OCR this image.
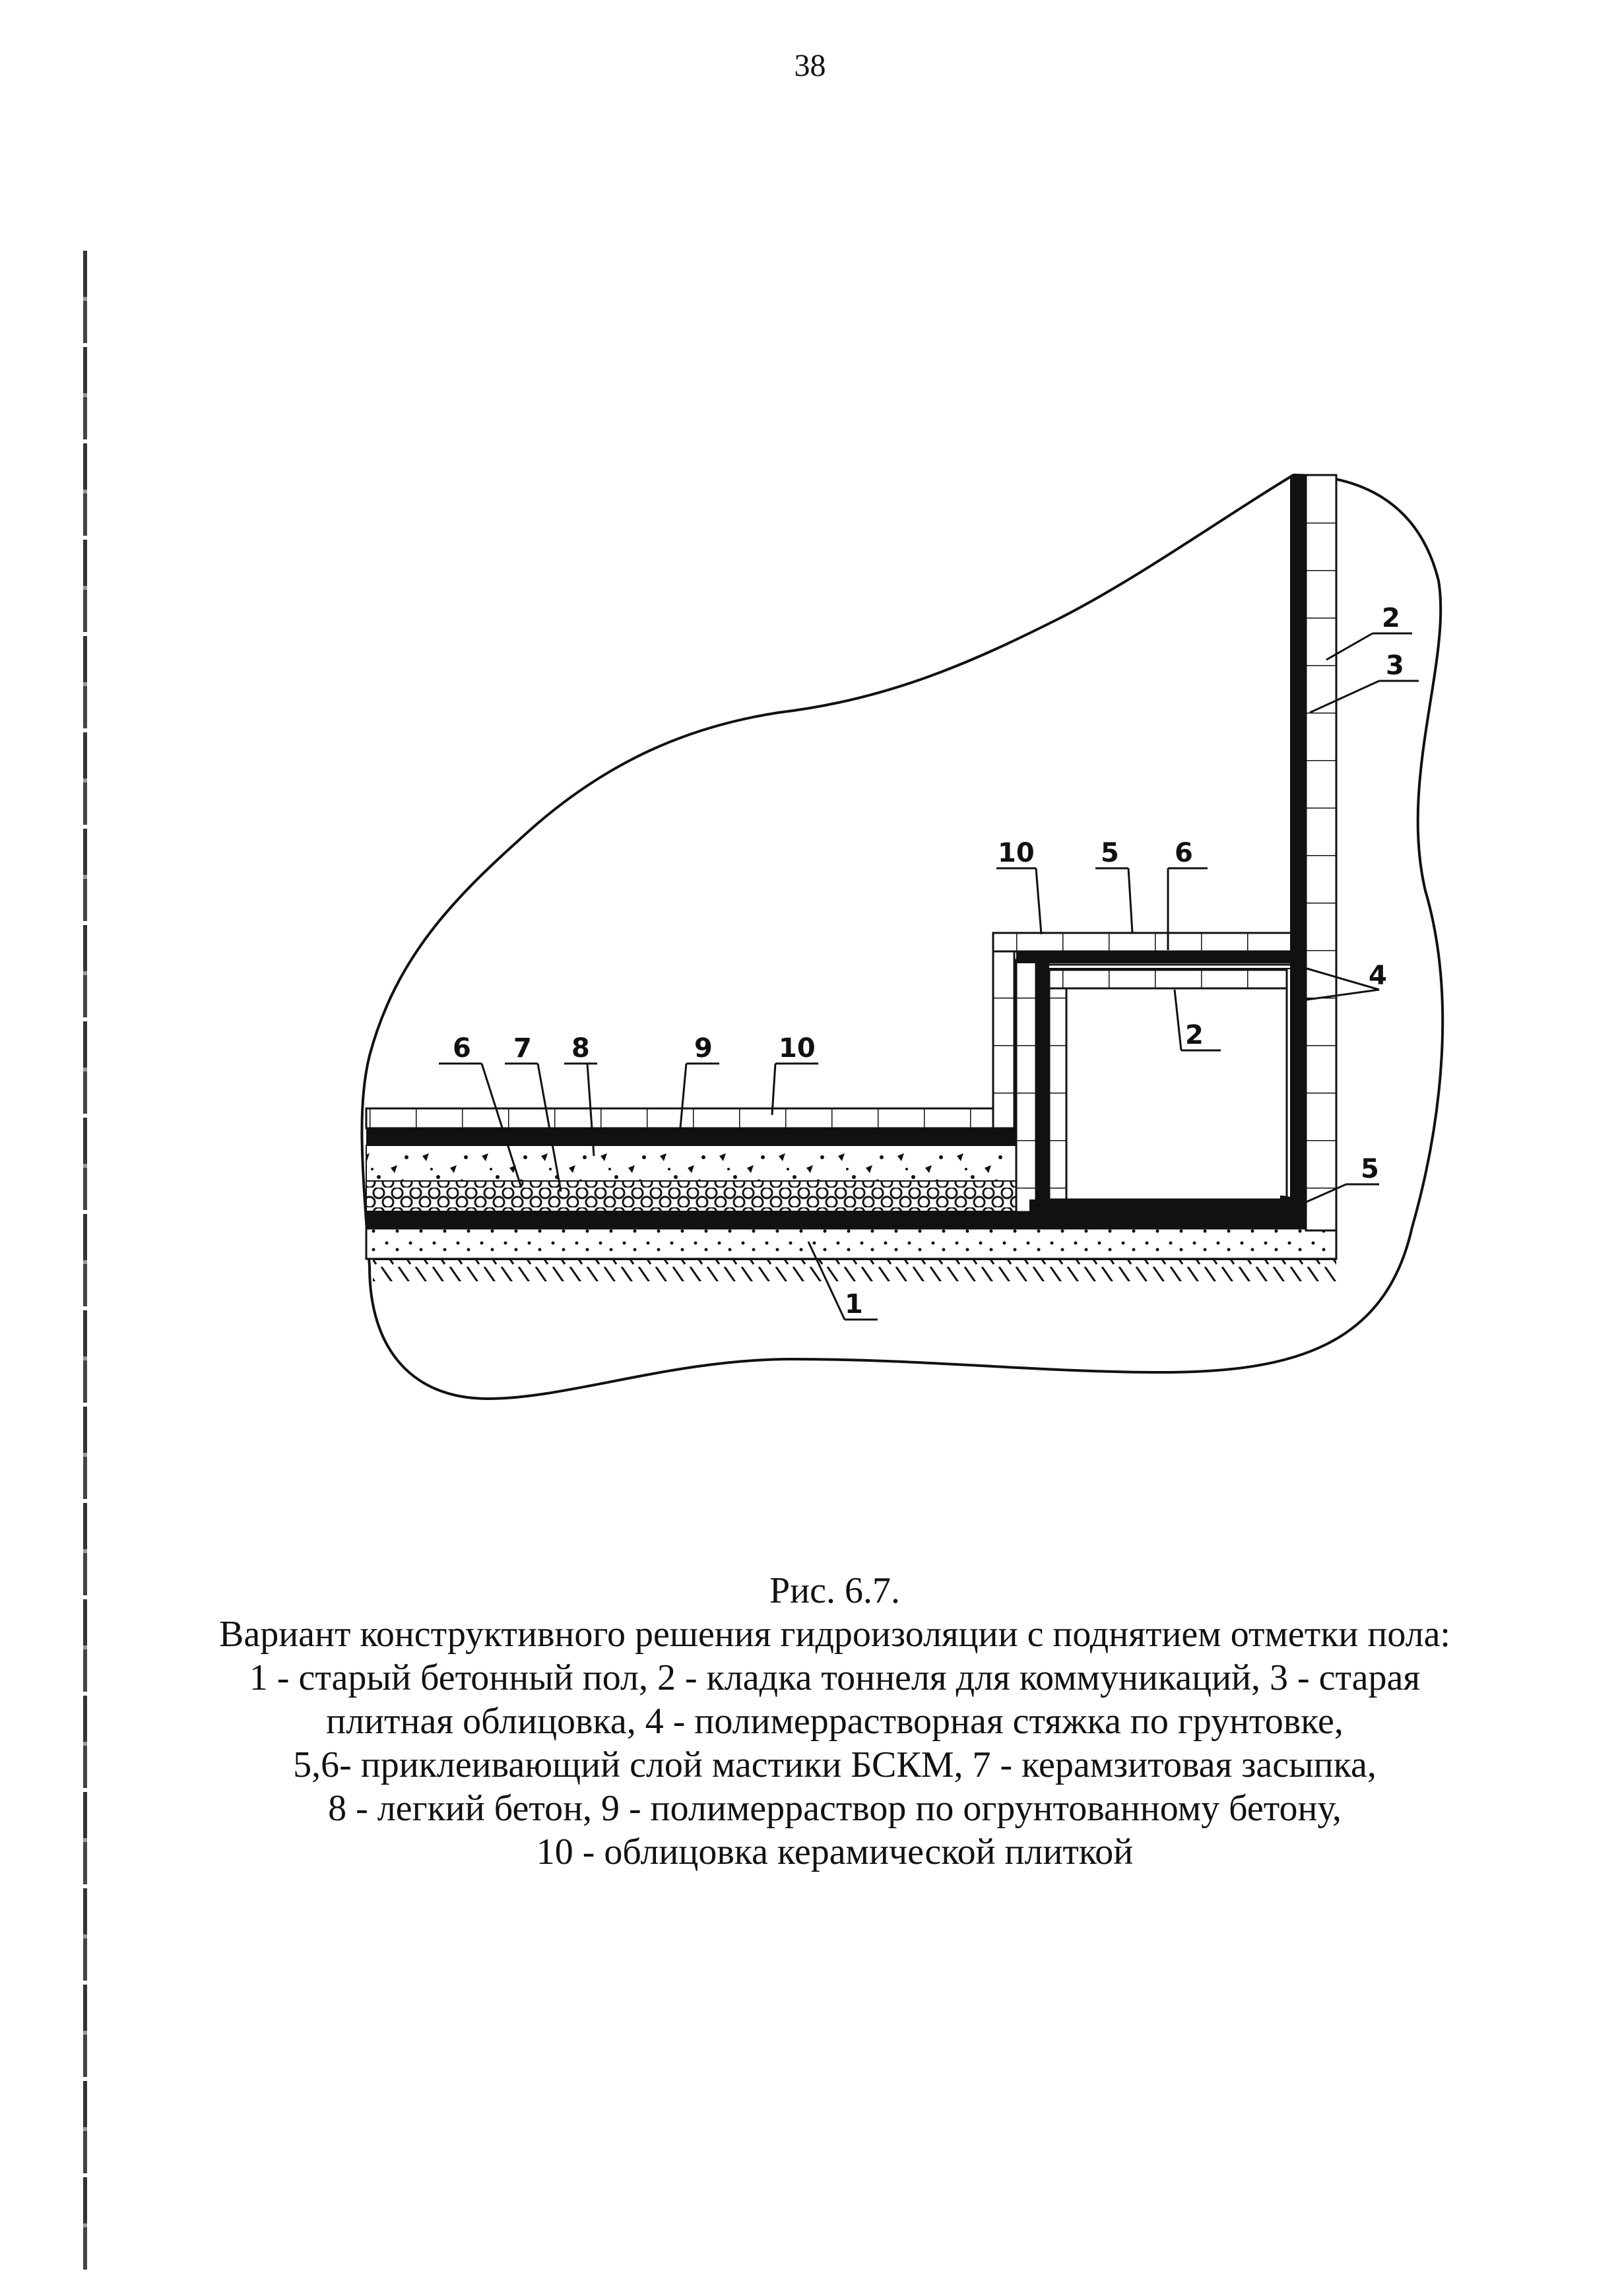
38
10	5 6
2
3
4
2
5
1
6 7 8	9	10
Рис. 6.7.
Вариант конструктивного решения гидроизоляции с поднятием отметки пола:
1 - старый бетонный пол, 2 - кладка тоннеля для коммуникаций, 3 - старая
плитная облицовка, 4 - полимеррастворная стяжка по грунтовке,
5,6- приклеивающий слой мастики БСКМ, 7 - керамзитовая засыпка,
8 - легкий бетон, 9 - полимерраствор по огрунтованному бетону,
10 - облицовка керамической плиткой
